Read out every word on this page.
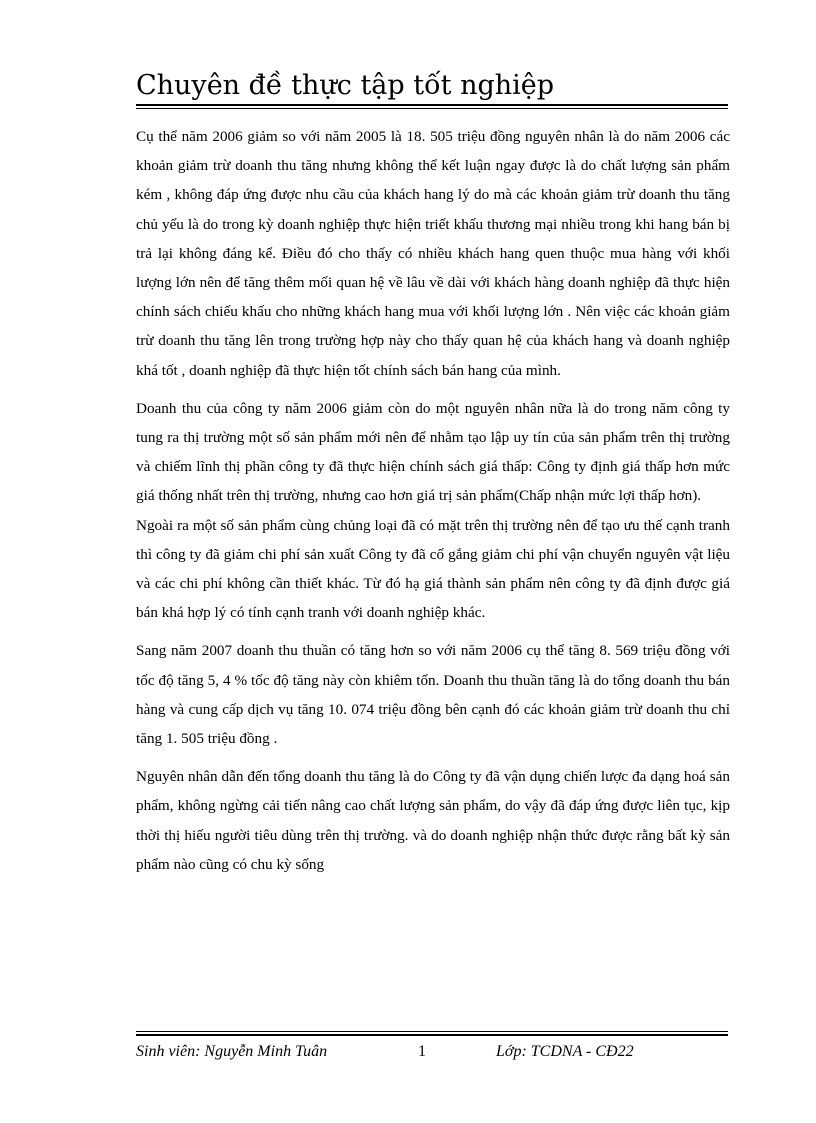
Chuyên đề thực tập tốt nghiệp

Cụ thể năm 2006 giảm so với năm 2005 là 18. 505 triệu đồng nguyên nhân là do năm 2006 các khoản giảm trừ doanh thu tăng nhưng không thể kết luận ngay được là do chất lượng sản phẩm kém , không đáp ứng được nhu cầu của khách hang lý do mà các khoản giảm trừ doanh thu tăng chủ yếu là do trong kỳ doanh nghiệp thực hiện triết khấu thương mại nhiều trong khi hang bán bị trả lại không đáng kể. Điều đó cho thấy có nhiều khách hang quen thuộc mua hàng với khối lượng lớn nên để tăng thêm mối quan hệ về lâu về dài với khách hàng doanh nghiệp đã thực hiện chính sách chiếu khấu cho những khách hang mua với khối lượng lớn . Nên việc các khoản giảm trừ doanh thu tăng lên trong trường hợp này cho thấy quan hệ của khách hang và doanh nghiệp khá tốt , doanh nghiệp đã thực hiện tốt chính sách bán hang của mình.

Doanh thu của công ty năm 2006 giảm còn do một nguyên nhân nữa là do trong năm công ty tung ra thị trường một số sản phẩm mới nên để nhằm tạo lập uy tín của sản phẩm trên thị trường và chiếm lĩnh thị phần công ty đã thực hiện chính sách giá thấp: Công ty định giá thấp hơn mức giá thống nhất trên thị trường, nhưng cao hơn giá trị sản phẩm(Chấp nhận mức lợi thấp hơn).

Ngoài ra một số sản phẩm cùng chủng loại đã có mặt trên thị trường nên để tạo ưu thế cạnh tranh thì công ty đã giảm chi phí sản xuất Công ty đã cố gắng giảm chi phí vận chuyển nguyên vật liệu và các chi phí không cần thiết khác. Từ đó hạ giá thành sản phẩm nên công ty đã định được giá bán khá hợp lý có tính cạnh tranh với doanh nghiệp khác.

Sang năm 2007 doanh thu thuần có tăng hơn so với năm 2006 cụ thể tăng 8. 569 triệu đồng với tốc độ tăng 5, 4 % tốc độ tăng này còn khiêm tốn. Doanh thu thuần tăng là do tổng doanh thu bán hàng và cung cấp dịch vụ tăng 10. 074 triệu đồng bên cạnh đó các khoản giảm trừ doanh thu chỉ tăng 1. 505 triệu đồng .

Nguyên nhân dẫn đến tổng doanh thu tăng là do Công ty đã vận dụng chiến lược đa dạng hoá sản phẩm, không ngừng cải tiến nâng cao chất lượng sản phẩm, do vậy đã đáp ứng được liên tục, kịp thời thị hiếu người tiêu dùng trên thị trường. và do doanh nghiệp nhận thức được rằng bất kỳ sản phẩm nào cũng có chu kỳ sống

Sinh viên: Nguyễn Minh Tuân	1	Lớp: TCDNA - CĐ22
